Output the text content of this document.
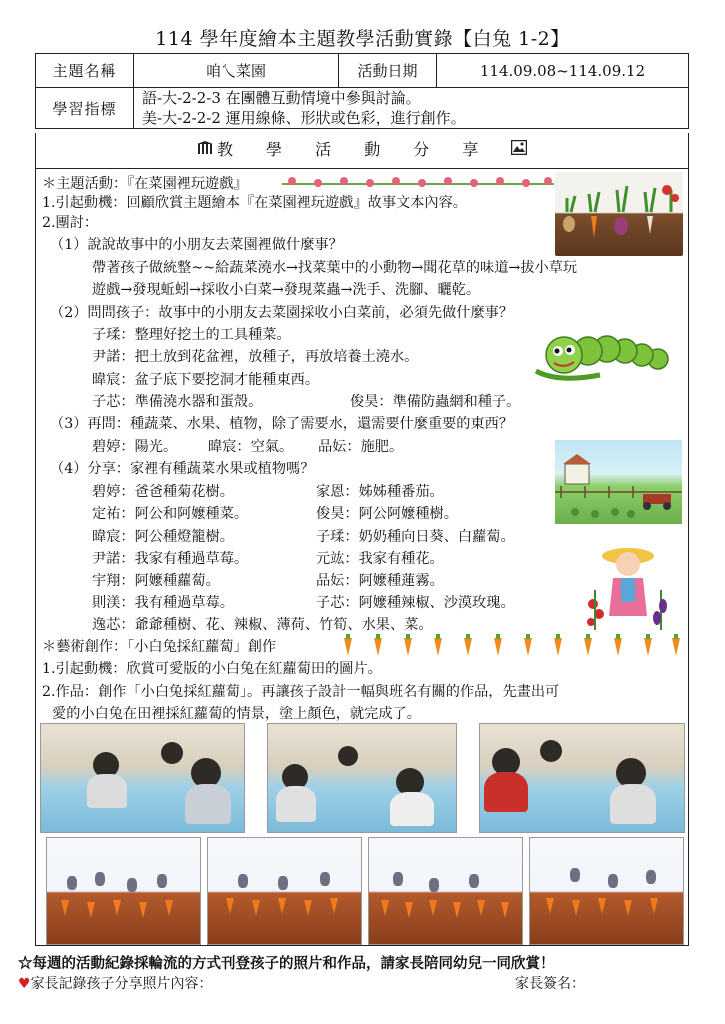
114 學年度繪本主題教學活動實錄【白兔 1-2】
主題名稱	咱乀菜園	活動日期	114.09.08~114.09.12
學習指標	語-大-2-2-3 在團體互動情境中參與討論。
美-大-2-2-2 運用線條、形狀或色彩，進行創作。		
教 學 活 動 分 享
＊主題活動：『在菜園裡玩遊戲』
1.引起動機：回顧欣賞主題繪本『在菜園裡玩遊戲』故事文本內容。
2.團討：
（1）說說故事中的小朋友去菜園裡做什麼事？
帶著孩子做統整~~給蔬菜澆水→找菜葉中的小動物→聞花草的味道→拔小草玩
遊戲→發現蚯蚓→採收小白菜→發現菜蟲→洗手、洗腳、曬乾。
（2）問問孩子：故事中的小朋友去菜園採收小白菜前，必須先做什麼事？
子瑈：整理好挖土的工具種菜。
尹諾：把土放到花盆裡，放種子，再放培養土澆水。
暐宸：盆子底下要挖洞才能種東西。
子芯：準備澆水器和蛋殼。	俊昊：準備防蟲網和種子。
（3）再問：種蔬菜、水果、植物，除了需要水，還需要什麼重要的東西？
碧婷：陽光。 暐宸：空氣。 品妘：施肥。
（4）分享：家裡有種蔬菜水果或植物嗎？
碧婷：爸爸種菊花樹。
定祐：阿公和阿嬤種菜。
暐宸：阿公種燈籠樹。
尹諾：我家有種過草莓。
宇翔：阿嬤種蘿蔔。
則渼：我有種過草莓。
家恩：姊姊種番茄。
俊昊：阿公阿嬤種樹。
子瑈：奶奶種向日葵、白蘿蔔。
元竑：我家有種花。
品妘：阿嬤種蓮霧。
子芯：阿嬤種辣椒、沙漠玫瑰。
逸芯：爺爺種樹、花、辣椒、薄荷、竹筍、水果、菜。
＊藝術創作：「小白兔採紅蘿蔔」創作
1.引起動機：欣賞可愛版的小白兔在紅蘿蔔田的圖片。
2.作品：創作「小白兔採紅蘿蔔」。再讓孩子設計一幅與班名有關的作品，先畫出可
愛的小白兔在田裡採紅蘿蔔的情景，塗上顏色，就完成了。
☆每週的活動紀錄採輪流的方式刊登孩子的照片和作品，請家長陪同幼兒一同欣賞！
♥家長記錄孩子分享照片內容：	家長簽名：
